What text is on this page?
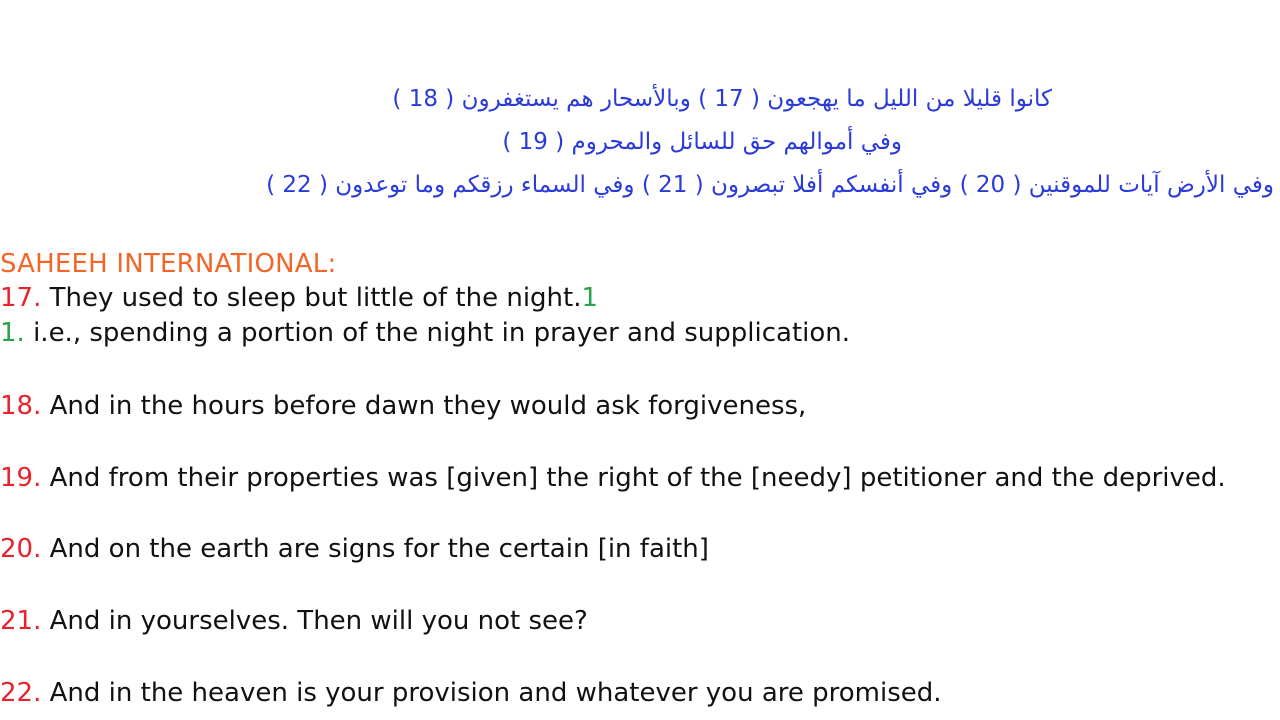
كانوا قليلا من الليل ما يهجعون ( 17 ) وبالأسحار هم يستغفرون ( 18 )
وفي أموالهم حق للسائل والمحروم ( 19 )
وفي الأرض آيات للموقنين ( 20 ) وفي أنفسكم أفلا تبصرون ( 21 ) وفي السماء رزقكم وما توعدون ( 22 )
SAHEEH INTERNATIONAL:
17. They used to sleep but little of the night.1
1. i.e., spending a portion of the night in prayer and supplication.
18. And in the hours before dawn they would ask forgiveness,
19. And from their properties was [given] the right of the [needy] petitioner and the deprived.
20. And on the earth are signs for the certain [in faith]
21. And in yourselves. Then will you not see?
22. And in the heaven is your provision and whatever you are promised.
